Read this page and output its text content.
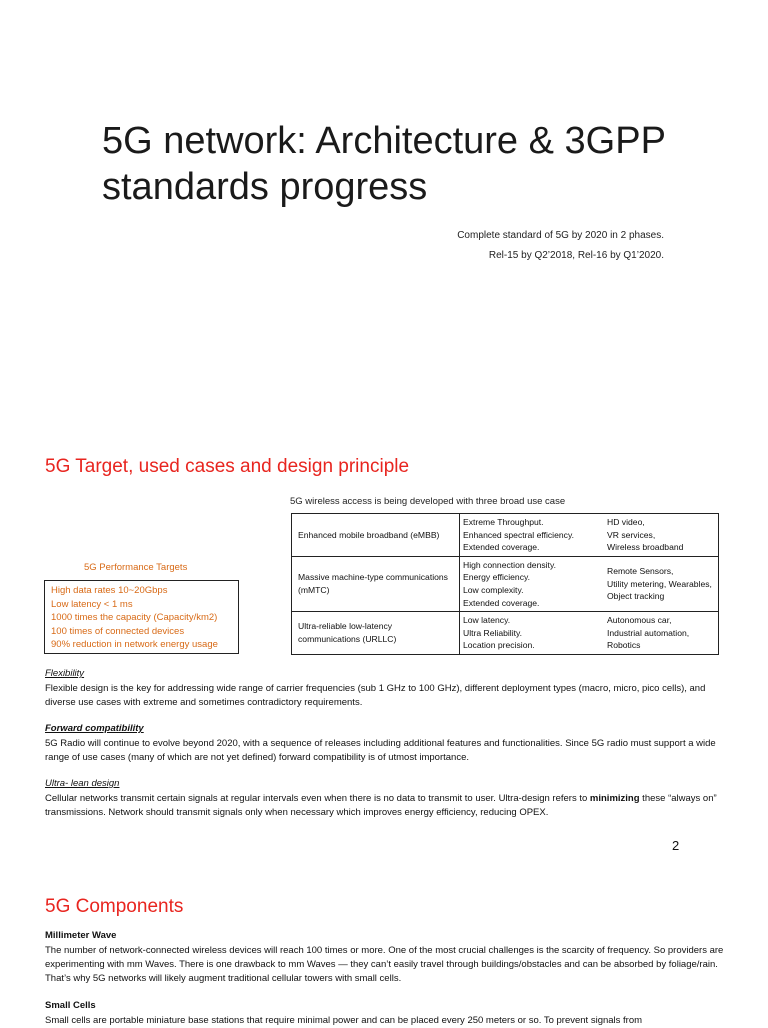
5G network: Architecture & 3GPP standards progress
Complete standard of 5G by 2020 in 2 phases.
Rel-15 by Q2’2018, Rel-16 by Q1’2020.
5G Target, used cases and design principle
5G wireless access is being developed with three broad use case
Enhanced mobile broadband (eMBB)	Extreme Throughput.
Enhanced spectral efficiency.
Extended coverage.	HD video,
VR services,
Wireless broadband

Massive machine-type communications (mMTC)	High connection density.
Energy efficiency.
Low complexity.
Extended coverage.	Remote Sensors,
Utility metering, Wearables,
Object tracking

Ultra-reliable low-latency communications (URLLC)	Low latency.
Ultra Reliability.
Location precision.	Autonomous car,
Industrial automation,
Robotics
5G Performance Targets
High data rates 10~20Gbps
Low latency < 1 ms
1000 times the capacity (Capacity/km2)
100 times of connected devices
90% reduction in network energy usage
Flexibility
Flexible design is the key for addressing wide range of carrier frequencies (sub 1 GHz to 100 GHz), different deployment types (macro, micro, pico cells), and diverse use cases with extreme and sometimes contradictory requirements.
Forward compatibility
5G Radio will continue to evolve beyond 2020, with a sequence of releases including additional features and functionalities. Since 5G radio must support a wide range of use cases (many of which are not yet defined) forward compatibility is of utmost importance.
Ultra- lean design
Cellular networks transmit certain signals at regular intervals even when there is no data to transmit to user. Ultra-design refers to minimizing these “always on” transmissions. Network should transmit signals only when necessary which improves energy efficiency, reducing OPEX.
2
5G Components
Millimeter Wave
The number of network-connected wireless devices will reach 100 times or more. One of the most crucial challenges is the scarcity of frequency. So providers are experimenting with mm Waves. There is one drawback to mm Waves — they can’t easily travel through buildings/obstacles and can be absorbed by foliage/rain. That’s why 5G networks will likely augment traditional cellular towers with small cells.
Small Cells
Small cells are portable miniature base stations that require minimal power and can be placed every 250 meters or so. To prevent signals from
